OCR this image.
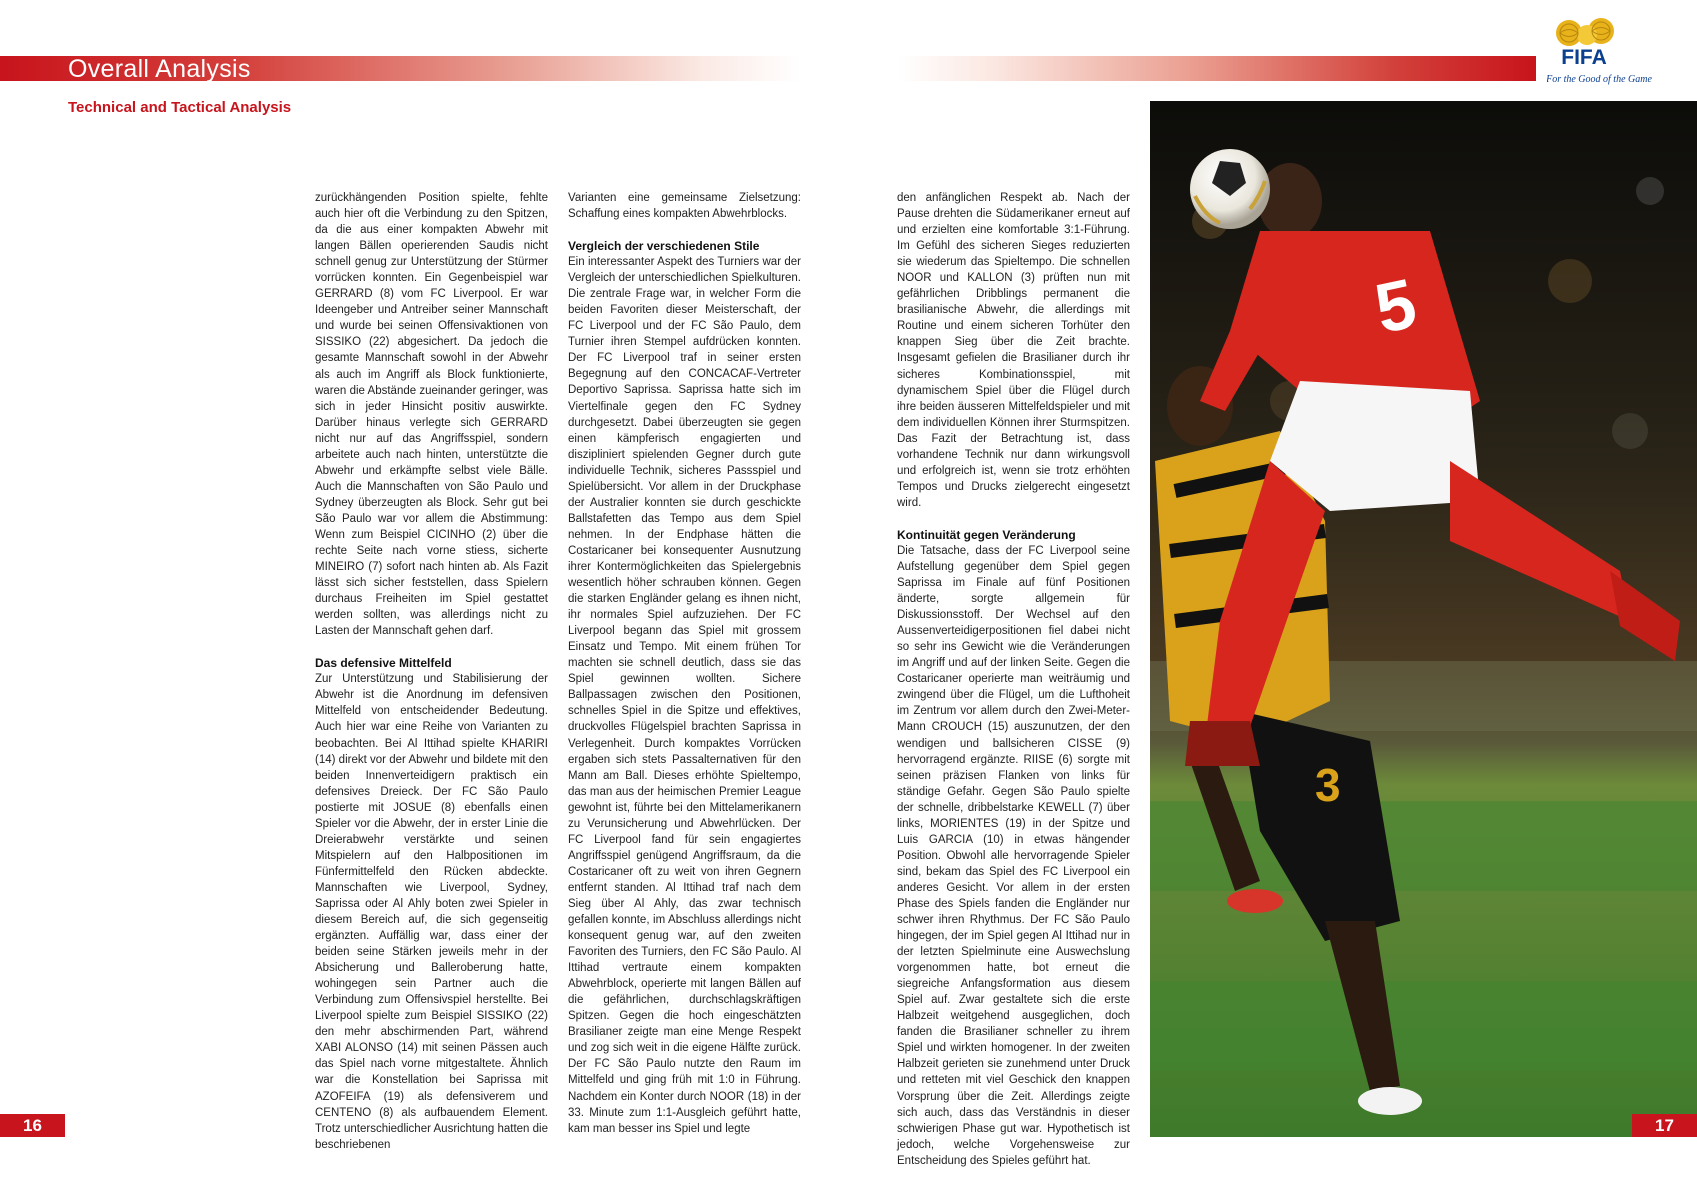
Overall Analysis
Technical and Tactical Analysis
FIFA
For the Good of the Game

zurückhängenden Position spielte, fehlte auch hier oft die Verbindung zu den Spitzen, da die aus einer kompakten Abwehr mit langen Bällen operierenden Saudis nicht schnell genug zur Unterstützung der Stürmer vorrücken konnten. Ein Gegenbeispiel war GERRARD (8) vom FC Liverpool. Er war Ideengeber und Antreiber seiner Mannschaft und wurde bei seinen Offensivaktionen von SISSIKO (22) abgesichert. Da jedoch die gesamte Mannschaft sowohl in der Abwehr als auch im Angriff als Block funktionierte, waren die Abstände zueinander geringer, was sich in jeder Hinsicht positiv auswirkte. Darüber hinaus verlegte sich GERRARD nicht nur auf das Angriffsspiel, sondern arbeitete auch nach hinten, unterstützte die Abwehr und erkämpfte selbst viele Bälle. Auch die Mannschaften von São Paulo und Sydney überzeugten als Block. Sehr gut bei São Paulo war vor allem die Abstimmung: Wenn zum Beispiel CICINHO (2) über die rechte Seite nach vorne stiess, sicherte MINEIRO (7) sofort nach hinten ab. Als Fazit lässt sich sicher feststellen, dass Spielern durchaus Freiheiten im Spiel gestattet werden sollten, was allerdings nicht zu Lasten der Mannschaft gehen darf.

Das defensive Mittelfeld

Zur Unterstützung und Stabilisierung der Abwehr ist die Anordnung im defensiven Mittelfeld von entscheidender Bedeutung. Auch hier war eine Reihe von Varianten zu beobachten. Bei Al Ittihad spielte KHARIRI (14) direkt vor der Abwehr und bildete mit den beiden Innenverteidigern praktisch ein defensives Dreieck. Der FC São Paulo postierte mit JOSUE (8) ebenfalls einen Spieler vor die Abwehr, der in erster Linie die Dreierabwehr verstärkte und seinen Mitspielern auf den Halbpositionen im Fünfermittelfeld den Rücken abdeckte. Mannschaften wie Liverpool, Sydney, Saprissa oder Al Ahly boten zwei Spieler in diesem Bereich auf, die sich gegenseitig ergänzten. Auffällig war, dass einer der beiden seine Stärken jeweils mehr in der Absicherung und Balleroberung hatte, wohingegen sein Partner auch die Verbindung zum Offensivspiel herstellte. Bei Liverpool spielte zum Beispiel SISSIKO (22) den mehr abschirmenden Part, während XABI ALONSO (14) mit seinen Pässen auch das Spiel nach vorne mitgestaltete. Ähnlich war die Konstellation bei Saprissa mit AZOFEIFA (19) als defensiverem und CENTENO (8) als aufbauendem Element. Trotz unterschiedlicher Ausrichtung hatten die beschriebenen

Varianten eine gemeinsame Zielsetzung: Schaffung eines kompakten Abwehrblocks.

Vergleich der verschiedenen Stile

Ein interessanter Aspekt des Turniers war der Vergleich der unterschiedlichen Spielkulturen. Die zentrale Frage war, in welcher Form die beiden Favoriten dieser Meisterschaft, der FC Liverpool und der FC São Paulo, dem Turnier ihren Stempel aufdrücken konnten. Der FC Liverpool traf in seiner ersten Begegnung auf den CONCACAF-Vertreter Deportivo Saprissa. Saprissa hatte sich im Viertelfinale gegen den FC Sydney durchgesetzt. Dabei überzeugten sie gegen einen kämpferisch engagierten und diszipliniert spielenden Gegner durch gute individuelle Technik, sicheres Passspiel und Spielübersicht. Vor allem in der Druckphase der Australier konnten sie durch geschickte Ballstafetten das Tempo aus dem Spiel nehmen. In der Endphase hätten die Costaricaner bei konsequenter Ausnutzung ihrer Kontermöglichkeiten das Spielergebnis wesentlich höher schrauben können. Gegen die starken Engländer gelang es ihnen nicht, ihr normales Spiel aufzuziehen. Der FC Liverpool begann das Spiel mit grossem Einsatz und Tempo. Mit einem frühen Tor machten sie schnell deutlich, dass sie das Spiel gewinnen wollten. Sichere Ballpassagen zwischen den Positionen, schnelles Spiel in die Spitze und effektives, druckvolles Flügelspiel brachten Saprissa in Verlegenheit. Durch kompaktes Vorrücken ergaben sich stets Passalternativen für den Mann am Ball. Dieses erhöhte Spieltempo, das man aus der heimischen Premier League gewohnt ist, führte bei den Mittelamerikanern zu Verunsicherung und Abwehrlücken. Der FC Liverpool fand für sein engagiertes Angriffsspiel genügend Angriffsraum, da die Costaricaner oft zu weit von ihren Gegnern entfernt standen. Al Ittihad traf nach dem Sieg über Al Ahly, das zwar technisch gefallen konnte, im Abschluss allerdings nicht konsequent genug war, auf den zweiten Favoriten des Turniers, den FC São Paulo. Al Ittihad vertraute einem kompakten Abwehrblock, operierte mit langen Bällen auf die gefährlichen, durchschlagskräftigen Spitzen. Gegen die hoch eingeschätzten Brasilianer zeigte man eine Menge Respekt und zog sich weit in die eigene Hälfte zurück. Der FC São Paulo nutzte den Raum im Mittelfeld und ging früh mit 1:0 in Führung. Nachdem ein Konter durch NOOR (18) in der 33. Minute zum 1:1-Ausgleich geführt hatte, kam man besser ins Spiel und legte

den anfänglichen Respekt ab. Nach der Pause drehten die Südamerikaner erneut auf und erzielten eine komfortable 3:1-Führung. Im Gefühl des sicheren Sieges reduzierten sie wiederum das Spieltempo. Die schnellen NOOR und KALLON (3) prüften nun mit gefährlichen Dribblings permanent die brasilianische Abwehr, die allerdings mit Routine und einem sicheren Torhüter den knappen Sieg über die Zeit brachte. Insgesamt gefielen die Brasilianer durch ihr sicheres Kombinationsspiel, mit dynamischem Spiel über die Flügel durch ihre beiden äusseren Mittelfeldspieler und mit dem individuellen Können ihrer Sturmspitzen. Das Fazit der Betrachtung ist, dass vorhandene Technik nur dann wirkungsvoll und erfolgreich ist, wenn sie trotz erhöhten Tempos und Drucks zielgerecht eingesetzt wird.

Kontinuität gegen Veränderung

Die Tatsache, dass der FC Liverpool seine Aufstellung gegenüber dem Spiel gegen Saprissa im Finale auf fünf Positionen änderte, sorgte allgemein für Diskussionsstoff. Der Wechsel auf den Aussenverteidigerpositionen fiel dabei nicht so sehr ins Gewicht wie die Veränderungen im Angriff und auf der linken Seite. Gegen die Costaricaner operierte man weiträumig und zwingend über die Flügel, um die Lufthoheit im Zentrum vor allem durch den Zwei-Meter-Mann CROUCH (15) auszunutzen, der den wendigen und ballsicheren CISSE (9) hervorragend ergänzte. RIISE (6) sorgte mit seinen präzisen Flanken von links für ständige Gefahr. Gegen São Paulo spielte der schnelle, dribbelstarke KEWELL (7) über links, MORIENTES (19) in der Spitze und Luis GARCIA (10) in etwas hängender Position. Obwohl alle hervorragende Spieler sind, bekam das Spiel des FC Liverpool ein anderes Gesicht. Vor allem in der ersten Phase des Spiels fanden die Engländer nur schwer ihren Rhythmus. Der FC São Paulo hingegen, der im Spiel gegen Al Ittihad nur in der letzten Spielminute eine Auswechslung vorgenommen hatte, bot erneut die siegreiche Anfangsformation aus diesem Spiel auf. Zwar gestaltete sich die erste Halbzeit weitgehend ausgeglichen, doch fanden die Brasilianer schneller zu ihrem Spiel und wirkten homogener. In der zweiten Halbzeit gerieten sie zunehmend unter Druck und retteten mit viel Geschick den knappen Vorsprung über die Zeit. Allerdings zeigte sich auch, dass das Verständnis in dieser schwierigen Phase gut war. Hypothetisch ist jedoch, welche Vorgehensweise zur Entscheidung des Spieles geführt hat.

3
5
16	17
